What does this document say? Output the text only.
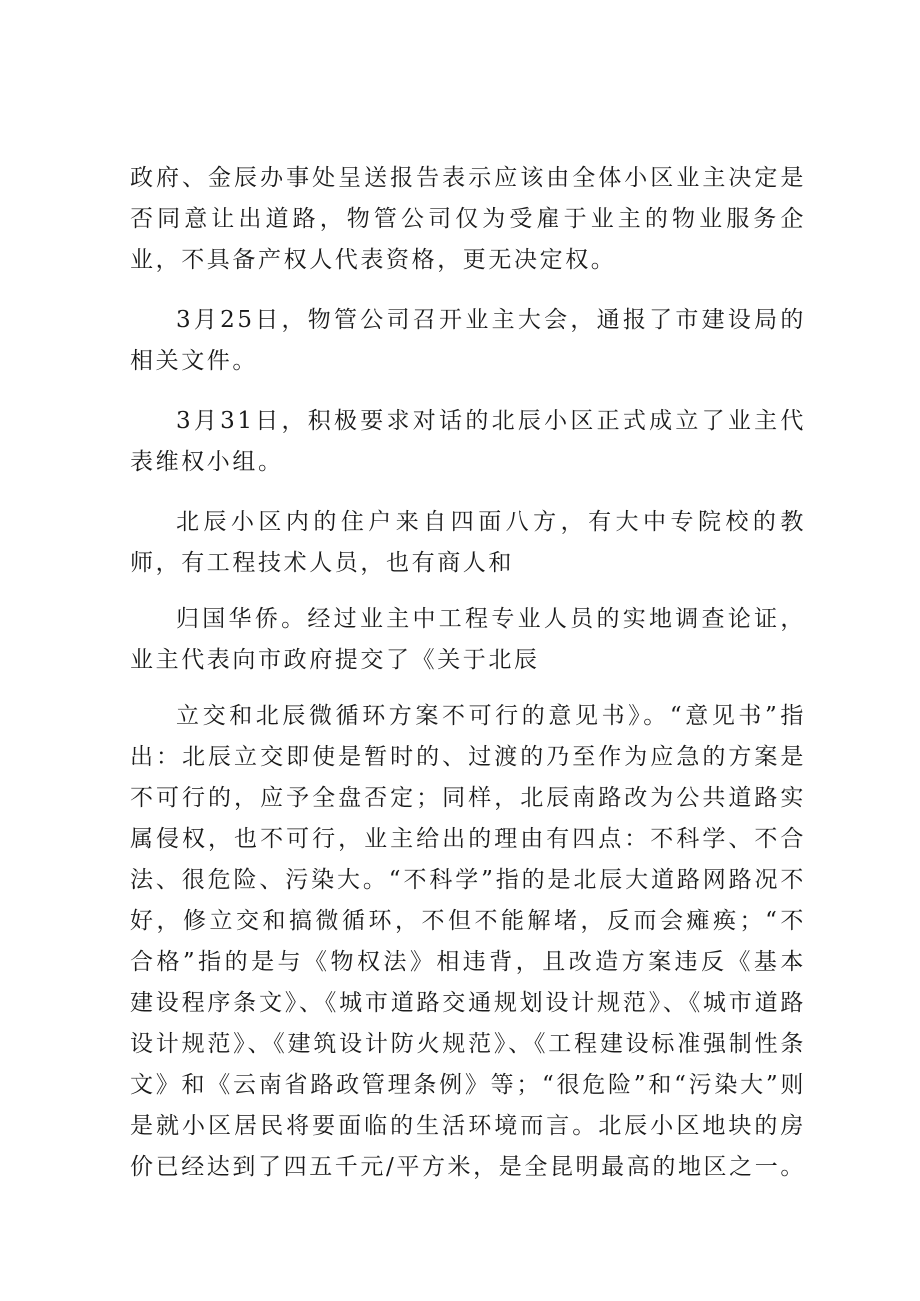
政府、金辰办事处呈送报告表示应该由全体小区业主决定是否同意让出道路，物管公司仅为受雇于业主的物业服务企业，不具备产权人代表资格，更无决定权。

3月25日，物管公司召开业主大会，通报了市建设局的相关文件。

3月31日，积极要求对话的北辰小区正式成立了业主代表维权小组。

北辰小区内的住户来自四面八方，有大中专院校的教师，有工程技术人员，也有商人和

归国华侨。经过业主中工程专业人员的实地调查论证，业主代表向市政府提交了《关于北辰

立交和北辰微循环方案不可行的意见书》。“意见书”指出：北辰立交即使是暂时的、过渡的乃至作为应急的方案是不可行的，应予全盘否定；同样，北辰南路改为公共道路实属侵权，也不可行，业主给出的理由有四点：不科学、不合法、很危险、污染大。“不科学”指的是北辰大道路网路况不好，修立交和搞微循环，不但不能解堵，反而会瘫痪；“不合格”指的是与《物权法》相违背，且改造方案违反《基本建设程序条文》、《城市道路交通规划设计规范》、《城市道路设计规范》、《建筑设计防火规范》、《工程建设标准强制性条文》和《云南省路政管理条例》等；“很危险”和“污染大”则是就小区居民将要面临的生活环境而言。北辰小区地块的房价已经达到了四五千元/平方米，是全昆明最高的地区之一。
